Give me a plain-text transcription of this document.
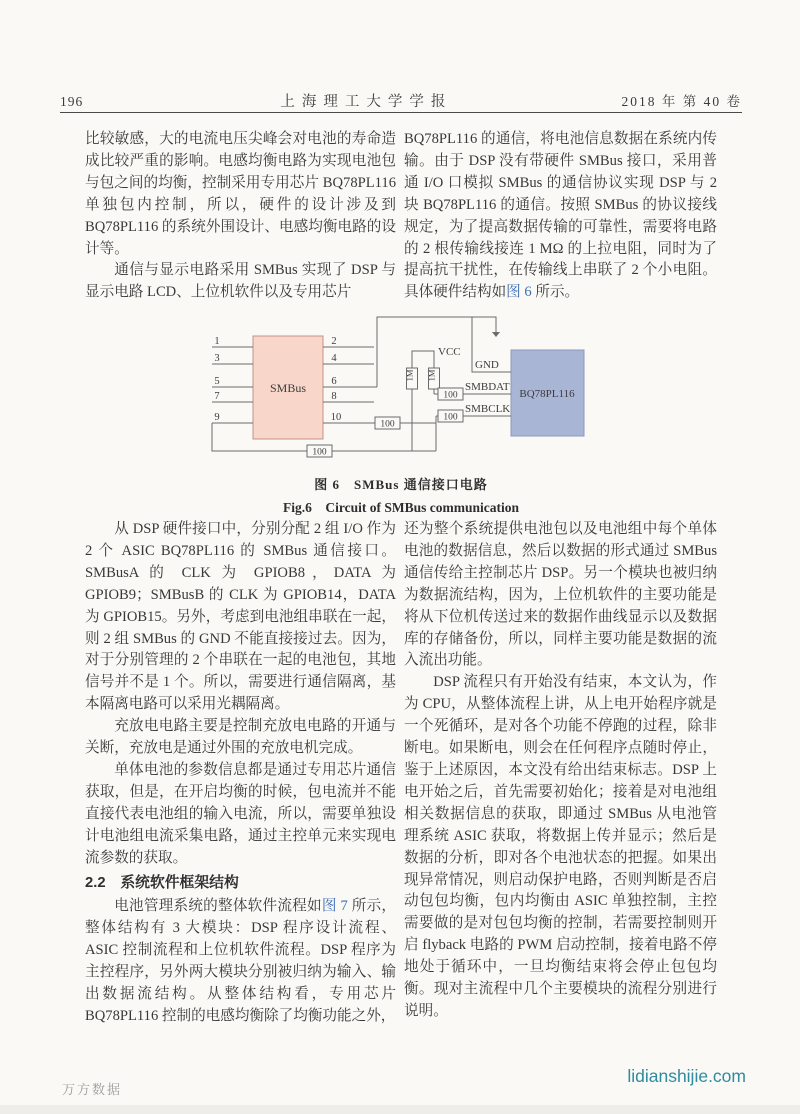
196	上海理工大学学报	2018 年 第 40 卷
比较敏感，大的电流电压尖峰会对电池的寿命造成比较严重的影响。电感均衡电路为实现电池包与包之间的均衡，控制采用专用芯片 BQ78PL116 单独包内控制，所以，硬件的设计涉及到 BQ78PL116 的系统外围设计、电感均衡电路的设计等。
通信与显示电路采用 SMBus 实现了 DSP 与显示电路 LCD、上位机软件以及专用芯片
BQ78PL116 的通信，将电池信息数据在系统内传输。由于 DSP 没有带硬件 SMBus 接口，采用普通 I/O 口模拟 SMBus 的通信协议实现 DSP 与 2 块 BQ78PL116 的通信。按照 SMBus 的协议接线规定，为了提高数据传输的可靠性，需要将电路的 2 根传输线接连 1 MΩ 的上拉电阻，同时为了提高抗干扰性，在传输线上串联了 2 个小电阻。具体硬件结构如图 6 所示。
SMBus	BQ78PL116
1
3
5
7
9
2
4
6
8
10
GND
VCC
1M 1M
100
SMBDAT
100
SMBCLK
100
100
图 6　SMBus 通信接口电路
Fig.6　Circuit of SMBus communication
从 DSP 硬件接口中，分别分配 2 组 I/O 作为 2 个 ASIC BQ78PL116 的 SMBus 通信接口。SMBusA 的 CLK 为 GPIOB8，DATA 为 GPIOB9；SMBusB 的 CLK 为 GPIOB14，DATA 为 GPIOB15。另外，考虑到电池组串联在一起，则 2 组 SMBus 的 GND 不能直接接过去。因为，对于分别管理的 2 个串联在一起的电池包，其地信号并不是 1 个。所以，需要进行通信隔离，基本隔离电路可以采用光耦隔离。
充放电电路主要是控制充放电电路的开通与关断，充放电是通过外围的充放电机完成。
单体电池的参数信息都是通过专用芯片通信获取，但是，在开启均衡的时候，包电流并不能直接代表电池组的输入电流，所以，需要单独设计电池组电流采集电路，通过主控单元来实现电流参数的获取。
2.2　系统软件框架结构
电池管理系统的整体软件流程如图 7 所示，整体结构有 3 大模块：DSP 程序设计流程、ASIC 控制流程和上位机软件流程。DSP 程序为主控程序，另外两大模块分别被归纳为输入、输出数据流结构。从整体结构看，专用芯片 BQ78PL116 控制的电感均衡除了均衡功能之外，
还为整个系统提供电池包以及电池组中每个单体电池的数据信息，然后以数据的形式通过 SMBus 通信传给主控制芯片 DSP。另一个模块也被归纳为数据流结构，因为，上位机软件的主要功能是将从下位机传送过来的数据作曲线显示以及数据库的存储备份，所以，同样主要功能是数据的流入流出功能。
DSP 流程只有开始没有结束，本文认为，作为 CPU，从整体流程上讲，从上电开始程序就是一个死循环，是对各个功能不停跑的过程，除非断电。如果断电，则会在任何程序点随时停止，鉴于上述原因，本文没有给出结束标志。DSP 上电开始之后，首先需要初始化；接着是对电池组相关数据信息的获取，即通过 SMBus 从电池管理系统 ASIC 获取，将数据上传并显示；然后是数据的分析，即对各个电池状态的把握。如果出现异常情况，则启动保护电路，否则判断是否启动包包均衡，包内均衡由 ASIC 单独控制，主控需要做的是对包包均衡的控制，若需要控制则开启 flyback 电路的 PWM 启动控制，接着电路不停地处于循环中，一旦均衡结束将会停止包包均衡。现对主流程中几个主要模块的流程分别进行说明。
万方数据
lidianshijie.com
